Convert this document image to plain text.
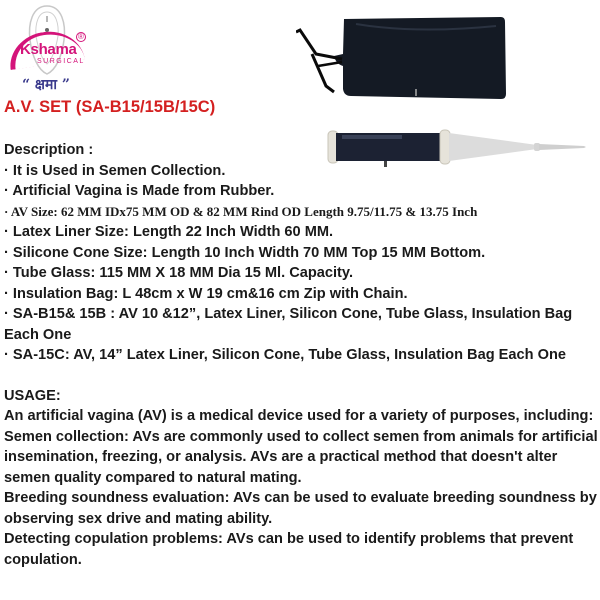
®
Kshama
SURGICAL
“ क्षमा ”
A.V. SET (SA-B15/15B/15C)

Description :

· It is Used in Semen Collection.

· Artificial Vagina is Made from Rubber.

· AV Size: 62 MM IDx75 MM OD & 82 MM Rind OD Length 9.75/11.75 & 13.75 Inch

· Latex Liner Size: Length 22 Inch Width 60 MM.

· Silicone Cone Size: Length 10 Inch Width 70 MM Top 15 MM Bottom.

· Tube Glass: 115 MM X 18 MM Dia 15 Ml. Capacity.

· Insulation Bag: L 48cm x W 19 cm&16 cm Zip with Chain.

· SA-B15& 15B : AV 10 &12”, Latex Liner, Silicon Cone, Tube Glass, Insulation Bag Each One

· SA-15C: AV, 14” Latex Liner, Silicon Cone, Tube Glass, Insulation Bag Each One

USAGE:

An artificial vagina (AV) is a medical device used for a variety of purposes, including:

Semen collection: AVs are commonly used to collect semen from animals for artificial insemination, freezing, or analysis. AVs are a practical method that doesn't alter semen quality compared to natural mating.

Breeding soundness evaluation: AVs can be used to evaluate breeding soundness by observing sex drive and mating ability.

Detecting copulation problems: AVs can be used to identify problems that prevent copulation.
